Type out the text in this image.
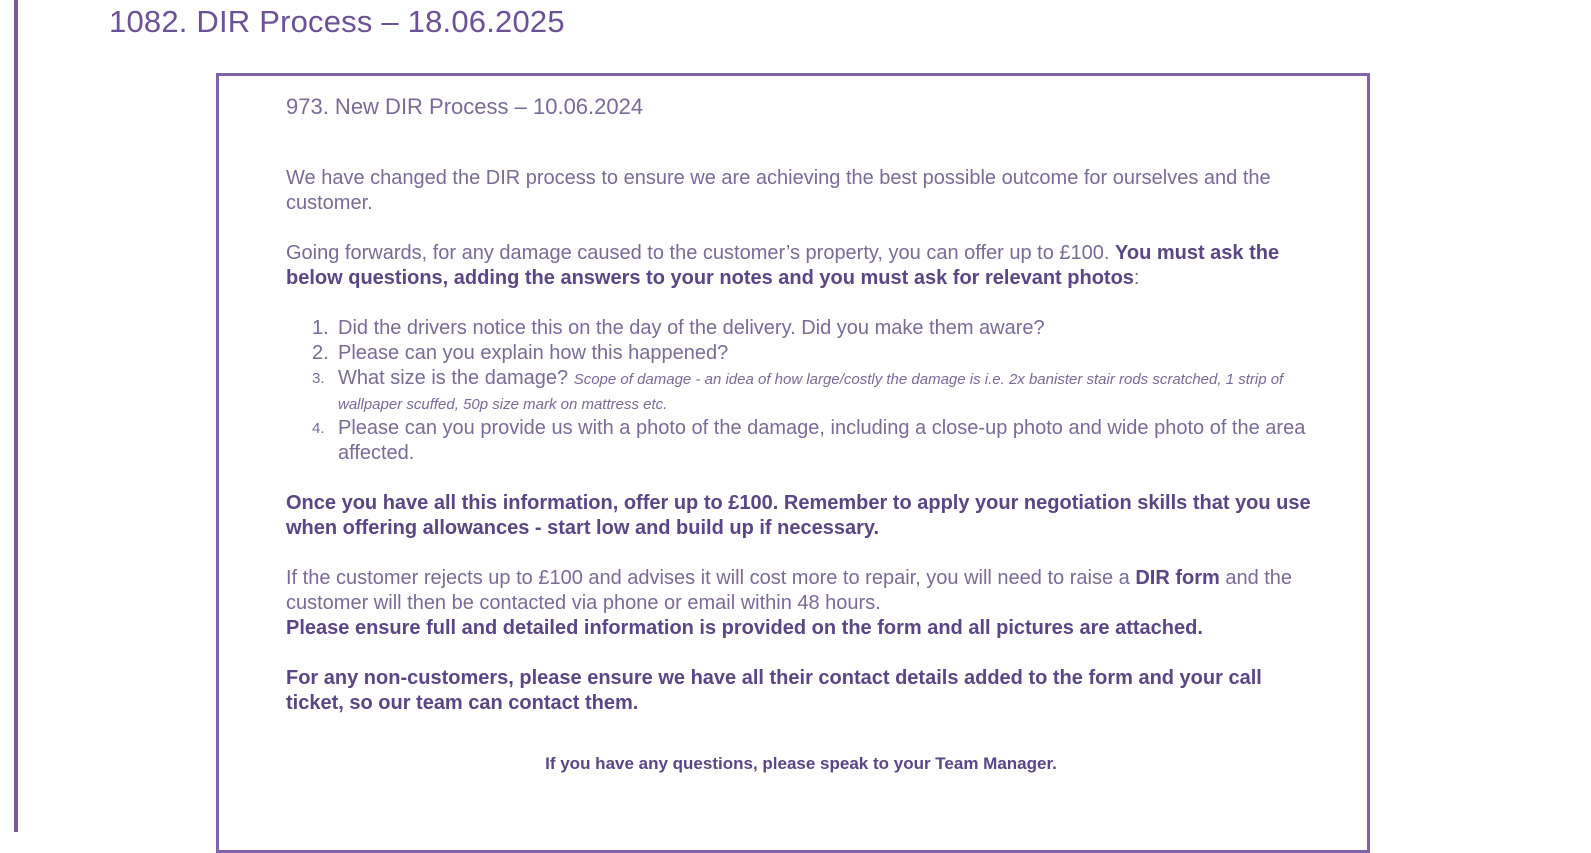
1082. DIR Process – 18.06.2025
973. New DIR Process – 10.06.2024

We have changed the DIR process to ensure we are achieving the best possible outcome for ourselves and the customer.

Going forwards, for any damage caused to the customer’s property, you can offer up to £100. You must ask the below questions, adding the answers to your notes and you must ask for relevant photos:

1. Did the drivers notice this on the day of the delivery. Did you make them aware?
2. Please can you explain how this happened?
3. What size is the damage? Scope of damage - an idea of how large/costly the damage is i.e. 2x banister stair rods scratched, 1 strip of wallpaper scuffed, 50p size mark on mattress etc.
4. Please can you provide us with a photo of the damage, including a close-up photo and wide photo of the area affected.

Once you have all this information, offer up to £100. Remember to apply your negotiation skills that you use when offering allowances - start low and build up if necessary.

If the customer rejects up to £100 and advises it will cost more to repair, you will need to raise a DIR form and the customer will then be contacted via phone or email within 48 hours.
Please ensure full and detailed information is provided on the form and all pictures are attached.

For any non-customers, please ensure we have all their contact details added to the form and your call ticket, so our team can contact them.

If you have any questions, please speak to your Team Manager.
